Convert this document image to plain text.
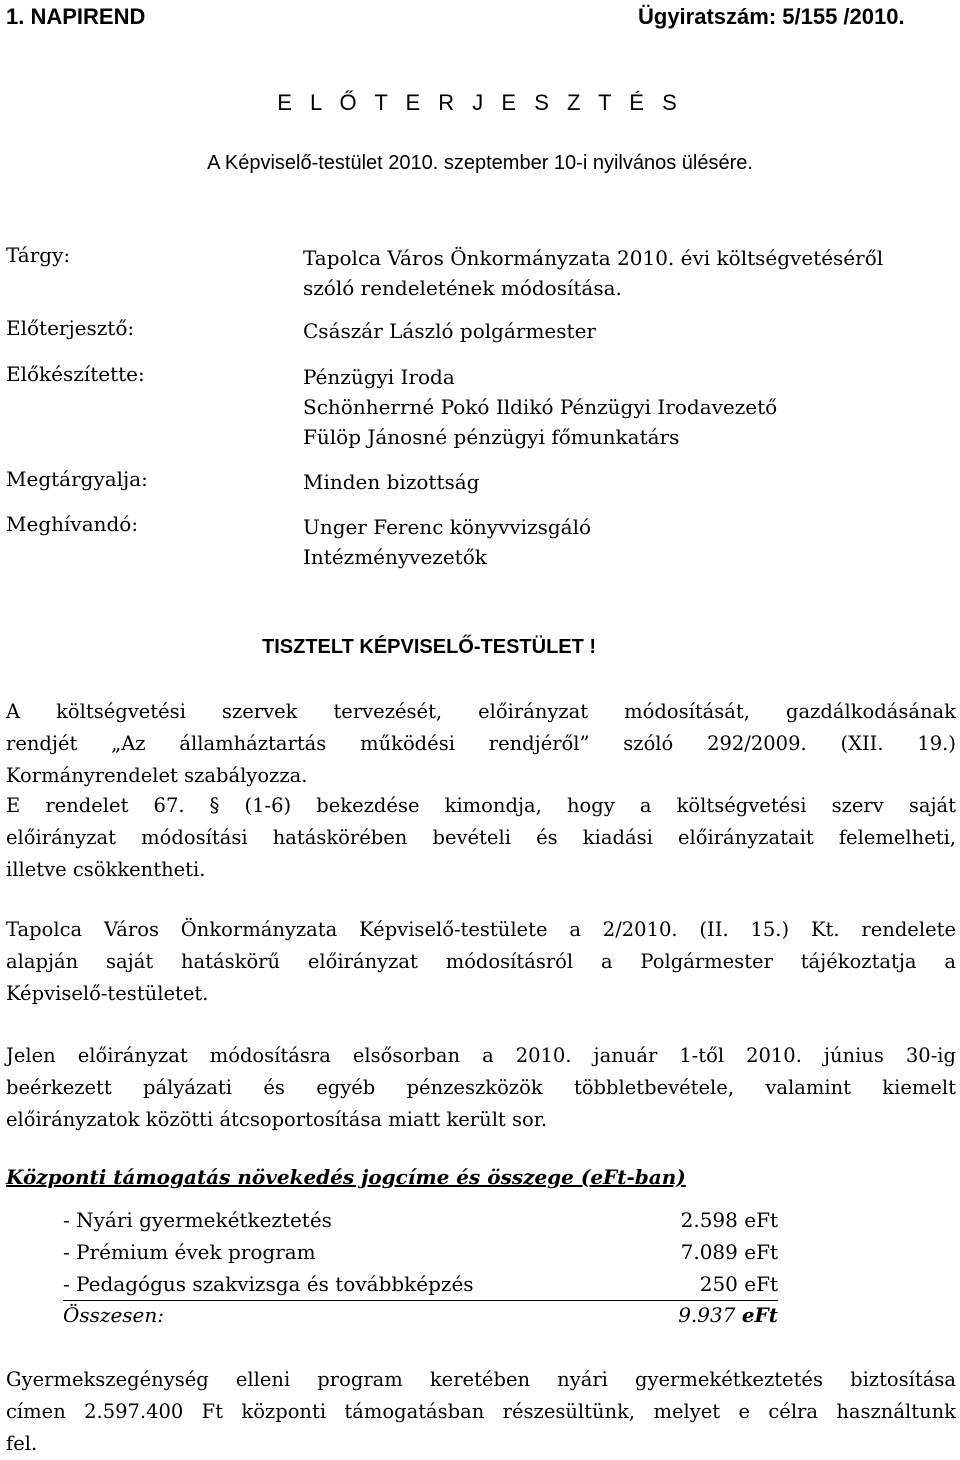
1. NAPIREND	Ügyiratszám: 5/155 /2010.
E L Ő T E R J E S Z T É S
A Képviselő-testület 2010. szeptember 10-i nyilvános ülésére.
Tárgy:	Tapolca Város Önkormányzata 2010. évi költségvetéséről
szóló rendeletének módosítása.
Előterjesztő:	Császár László polgármester
Előkészítette:	Pénzügyi Iroda
Schönherrné Pokó Ildikó Pénzügyi Irodavezető
Fülöp Jánosné pénzügyi főmunkatárs
Megtárgyalja:	Minden bizottság
Meghívandó:	Unger Ferenc könyvvizsgáló
Intézményvezetők
TISZTELT KÉPVISELŐ-TESTÜLET !
A költségvetési szervek tervezését, előirányzat módosítását, gazdálkodásának
rendjét „Az államháztartás működési rendjéről” szóló 292/2009. (XII. 19.)
Kormányrendelet szabályozza.
E rendelet 67. § (1-6) bekezdése kimondja, hogy a költségvetési szerv saját
előirányzat módosítási hatáskörében bevételi és kiadási előirányzatait felemelheti,
illetve csökkentheti.
Tapolca Város Önkormányzata Képviselő-testülete a 2/2010. (II. 15.) Kt. rendelete
alapján saját hatáskörű előirányzat módosításról a Polgármester tájékoztatja a
Képviselő-testületet.
Jelen előirányzat módosításra elsősorban a 2010. január 1-től 2010. június 30-ig
beérkezett pályázati és egyéb pénzeszközök többletbevétele, valamint kiemelt
előirányzatok közötti átcsoportosítása miatt került sor.
Központi támogatás növekedés jogcíme és összege (eFt-ban)
- Nyári gyermekétkeztetés	2.598 eFt
- Prémium évek program	7.089 eFt
- Pedagógus szakvizsga és továbbképzés	250 eFt
Összesen:	9.937 eFt
Gyermekszegénység elleni program keretében nyári gyermekétkeztetés biztosítása
címen 2.597.400 Ft központi támogatásban részesültünk, melyet e célra használtunk
fel.
